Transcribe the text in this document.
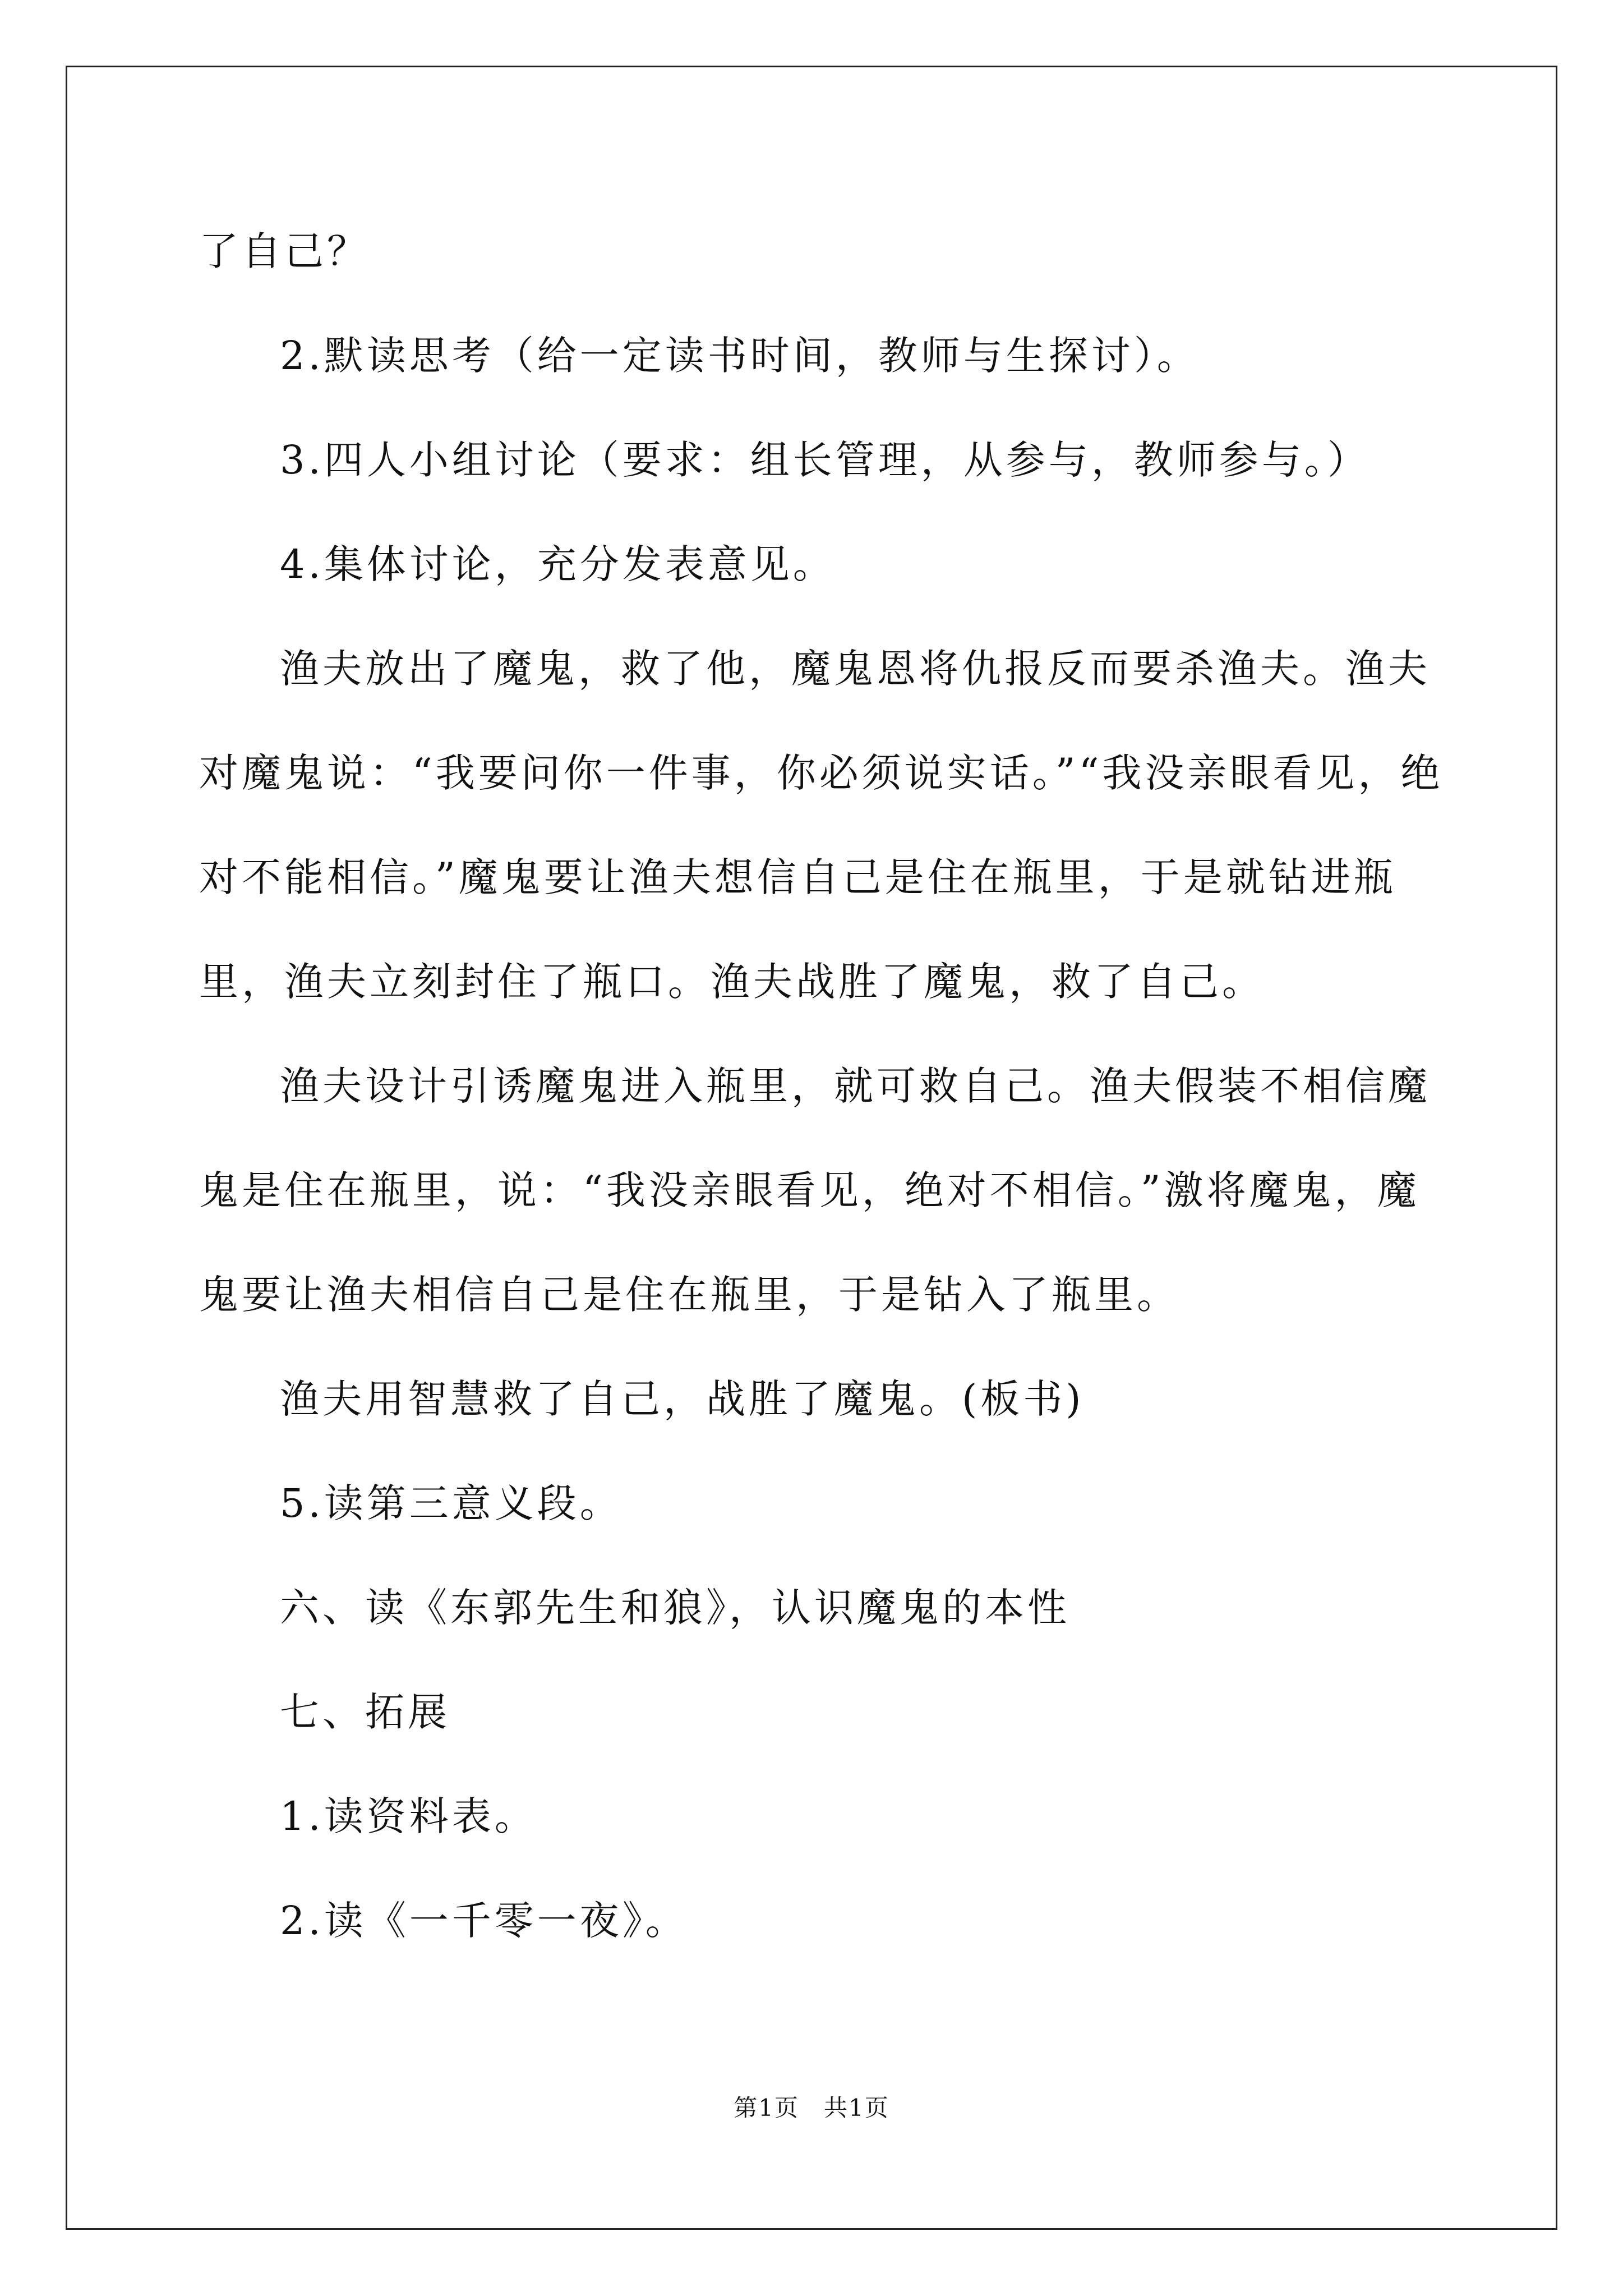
了自己？

2.默读思考（给一定读书时间，教师与生探讨）。

3.四人小组讨论（要求：组长管理，从参与，教师参与。）

4.集体讨论，充分发表意见。

渔夫放出了魔鬼，救了他，魔鬼恩将仇报反而要杀渔夫。渔夫对魔鬼说：“我要问你一件事，你必须说实话。”“我没亲眼看见，绝对不能相信。”魔鬼要让渔夫想信自己是住在瓶里，于是就钻进瓶里，渔夫立刻封住了瓶口。渔夫战胜了魔鬼，救了自己。

渔夫设计引诱魔鬼进入瓶里，就可救自己。渔夫假装不相信魔鬼是住在瓶里，说：“我没亲眼看见，绝对不相信。”激将魔鬼，魔鬼要让渔夫相信自己是住在瓶里，于是钻入了瓶里。

渔夫用智慧救了自己，战胜了魔鬼。(板书)

5.读第三意义段。

六、读《东郭先生和狼》，认识魔鬼的本性

七、拓展

1.读资料表。

2.读《一千零一夜》。

第1页 共1页
